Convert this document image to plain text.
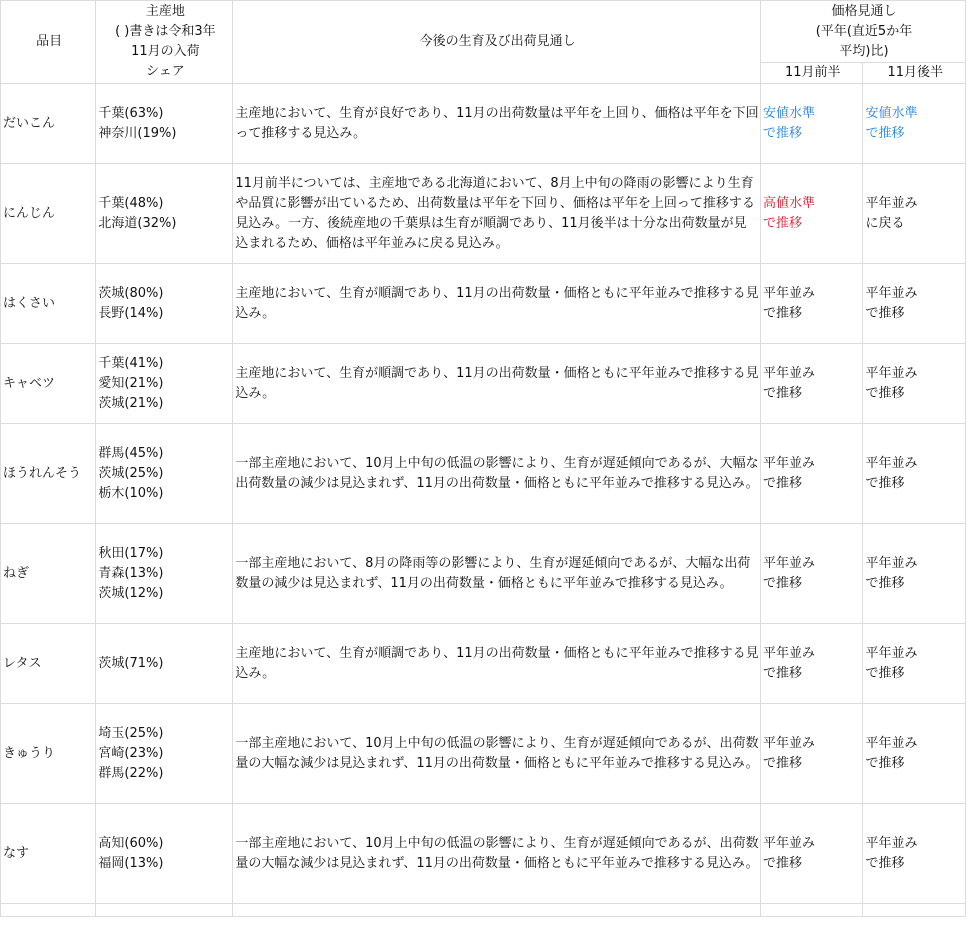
品目	主産地
( )書きは令和3年
11月の入荷
シェア	今後の生育及び出荷見通し	価格見通し
(平年(直近5か年
平均)比)	

			11月前半	11月後半
だいこん	千葉(63%)
神奈川(19%)	主産地において、生育が良好であり、11月の出荷数量は平年を上回り、価格は平年を下回って推移する見込み。	安値水準
で推移	安値水準
で推移

にんじん	千葉(48%)
北海道(32%)	11月前半については、主産地である北海道において、8月上中旬の降雨の影響により生育や品質に影響が出ているため、出荷数量は平年を下回り、価格は平年を上回って推移する見込み。一方、後続産地の千葉県は生育が順調であり、11月後半は十分な出荷数量が見込まれるため、価格は平年並みに戻る見込み。	高値水準
で推移	平年並み
に戻る

はくさい	茨城(80%)
長野(14%)	主産地において、生育が順調であり、11月の出荷数量・価格ともに平年並みで推移する見込み。	平年並み
で推移	平年並み
で推移

キャベツ	千葉(41%)
愛知(21%)
茨城(21%)	主産地において、生育が順調であり、11月の出荷数量・価格ともに平年並みで推移する見込み。	平年並み
で推移	平年並み
で推移

ほうれんそう	群馬(45%)
茨城(25%)
栃木(10%)	一部主産地において、10月上中旬の低温の影響により、生育が遅延傾向であるが、大幅な出荷数量の減少は見込まれず、11月の出荷数量・価格ともに平年並みで推移する見込み。	平年並み
で推移	平年並み
で推移

ねぎ	秋田(17%)
青森(13%)
茨城(12%)	一部主産地において、8月の降雨等の影響により、生育が遅延傾向であるが、大幅な出荷数量の減少は見込まれず、11月の出荷数量・価格ともに平年並みで推移する見込み。	平年並み
で推移	平年並み
で推移

レタス	茨城(71%)	主産地において、生育が順調であり、11月の出荷数量・価格ともに平年並みで推移する見込み。	平年並み
で推移	平年並み
で推移

きゅうり	埼玉(25%)
宮崎(23%)
群馬(22%)	一部主産地において、10月上中旬の低温の影響により、生育が遅延傾向であるが、出荷数量の大幅な減少は見込まれず、11月の出荷数量・価格ともに平年並みで推移する見込み。	平年並み
で推移	平年並み
で推移

なす	高知(60%)
福岡(13%)	一部主産地において、10月上中旬の低温の影響により、生育が遅延傾向であるが、出荷数量の大幅な減少は見込まれず、11月の出荷数量・価格ともに平年並みで推移する見込み。	平年並み
で推移	平年並み
で推移
